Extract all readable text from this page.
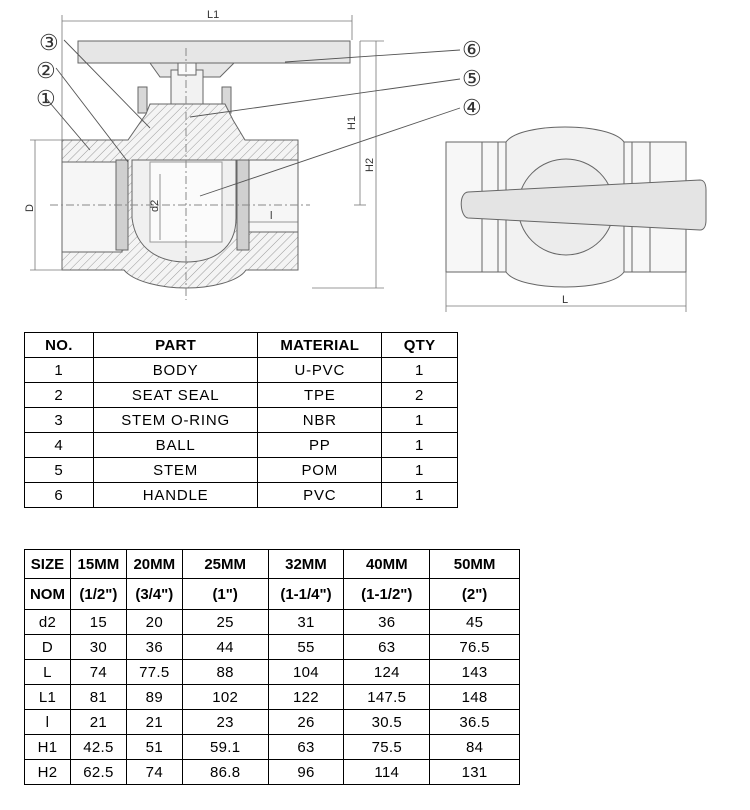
L1
H1
H2
D	d2
l
③
②
①
⑥
⑤
④
L
NO.	PART	MATERIAL	QTY
1	BODY	U-PVC	1
2	SEAT SEAL	TPE	2
3	STEM O-RING	NBR	1
4	BALL	PP	1
5	STEM	POM	1
6	HANDLE	PVC	1
SIZE	15MM	20MM	25MM	32MM	40MM	50MM
NOM	(1/2")	(3/4")	(1")	(1-1/4")	(1-1/2")	(2")
d2	15	20	25	31	36	45
D	30	36	44	55	63	76.5
L	74	77.5	88	104	124	143
L1	81	89	102	122	147.5	148
l	21	21	23	26	30.5	36.5
H1	42.5	51	59.1	63	75.5	84
H2	62.5	74	86.8	96	114	131
